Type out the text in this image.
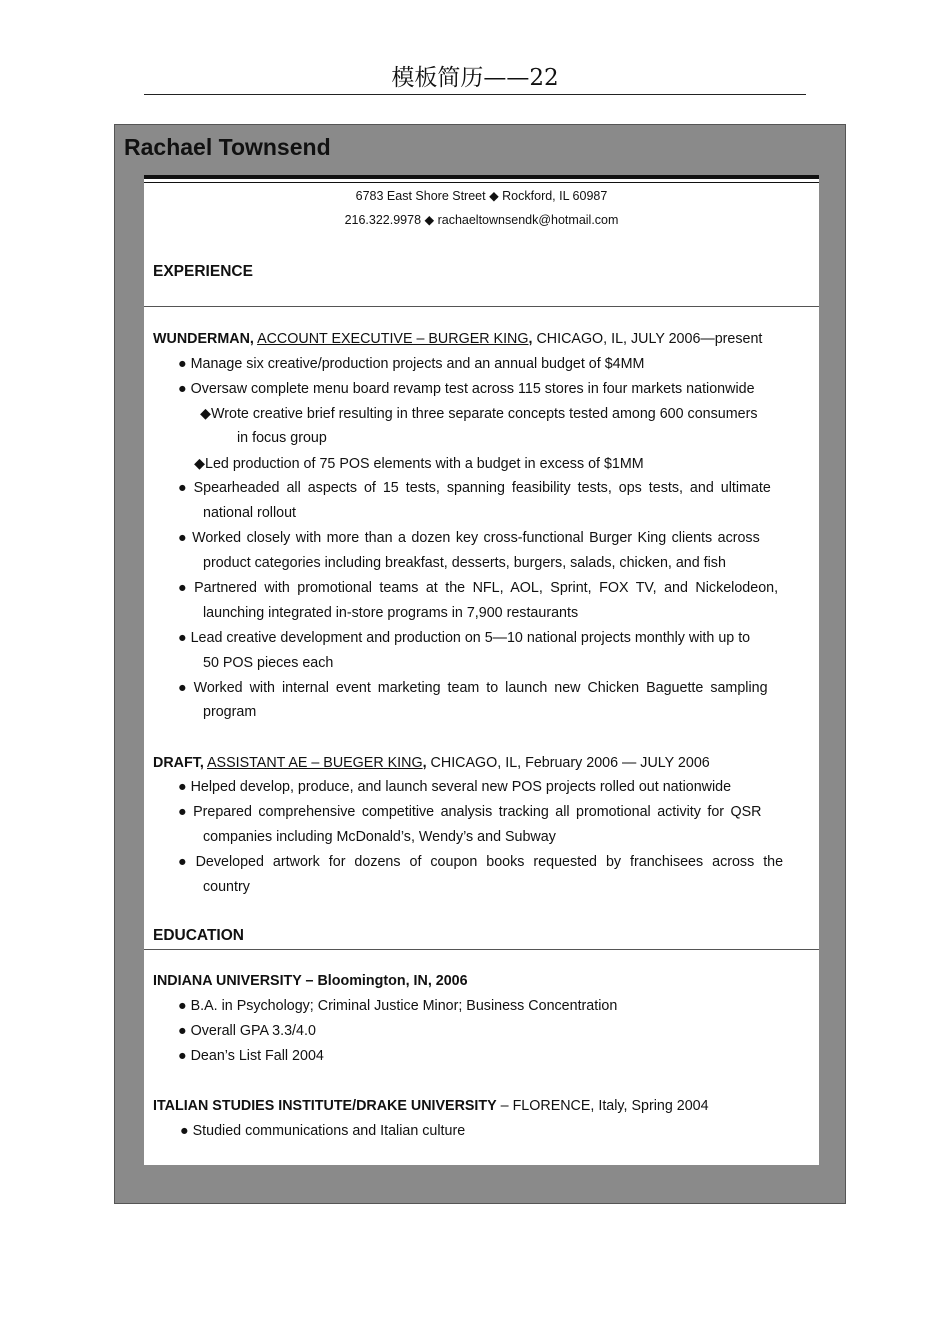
模板简历——22
Rachael Townsend
6783 East Shore Street ◆ Rockford, IL 60987
216.322.9978 ◆ rachaeltownsendk@hotmail.com
EXPERIENCE
WUNDERMAN, ACCOUNT EXECUTIVE – BURGER KING, CHICAGO, IL, JULY 2006—present
● Manage six creative/production projects and an annual budget of $4MM
● Oversaw complete menu board revamp test across 115 stores in four markets nationwide
◆Wrote creative brief resulting in three separate concepts tested among 600 consumers
in focus group
◆Led production of 75 POS elements with a budget in excess of $1MM
● Spearheaded all aspects of 15 tests, spanning feasibility tests, ops tests, and ultimate
national rollout
● Worked closely with more than a dozen key cross-functional Burger King clients across
product categories including breakfast, desserts, burgers, salads, chicken, and fish
● Partnered with promotional teams at the NFL, AOL, Sprint, FOX TV, and Nickelodeon,
launching integrated in-store programs in 7,900 restaurants
● Lead creative development and production on 5—10 national projects monthly with up to
50 POS pieces each
● Worked with internal event marketing team to launch new Chicken Baguette sampling
program
DRAFT, ASSISTANT AE – BUEGER KING, CHICAGO, IL, February 2006 — JULY 2006
● Helped develop, produce, and launch several new POS projects rolled out nationwide
● Prepared comprehensive competitive analysis tracking all promotional activity for QSR
companies including McDonald’s, Wendy’s and Subway
● Developed artwork for dozens of coupon books requested by franchisees across the
country
EDUCATION
INDIANA UNIVERSITY – Bloomington, IN, 2006
● B.A. in Psychology; Criminal Justice Minor; Business Concentration
● Overall GPA 3.3/4.0
● Dean’s List Fall 2004
ITALIAN STUDIES INSTITUTE/DRAKE UNIVERSITY – FLORENCE, Italy, Spring 2004
● Studied communications and Italian culture
